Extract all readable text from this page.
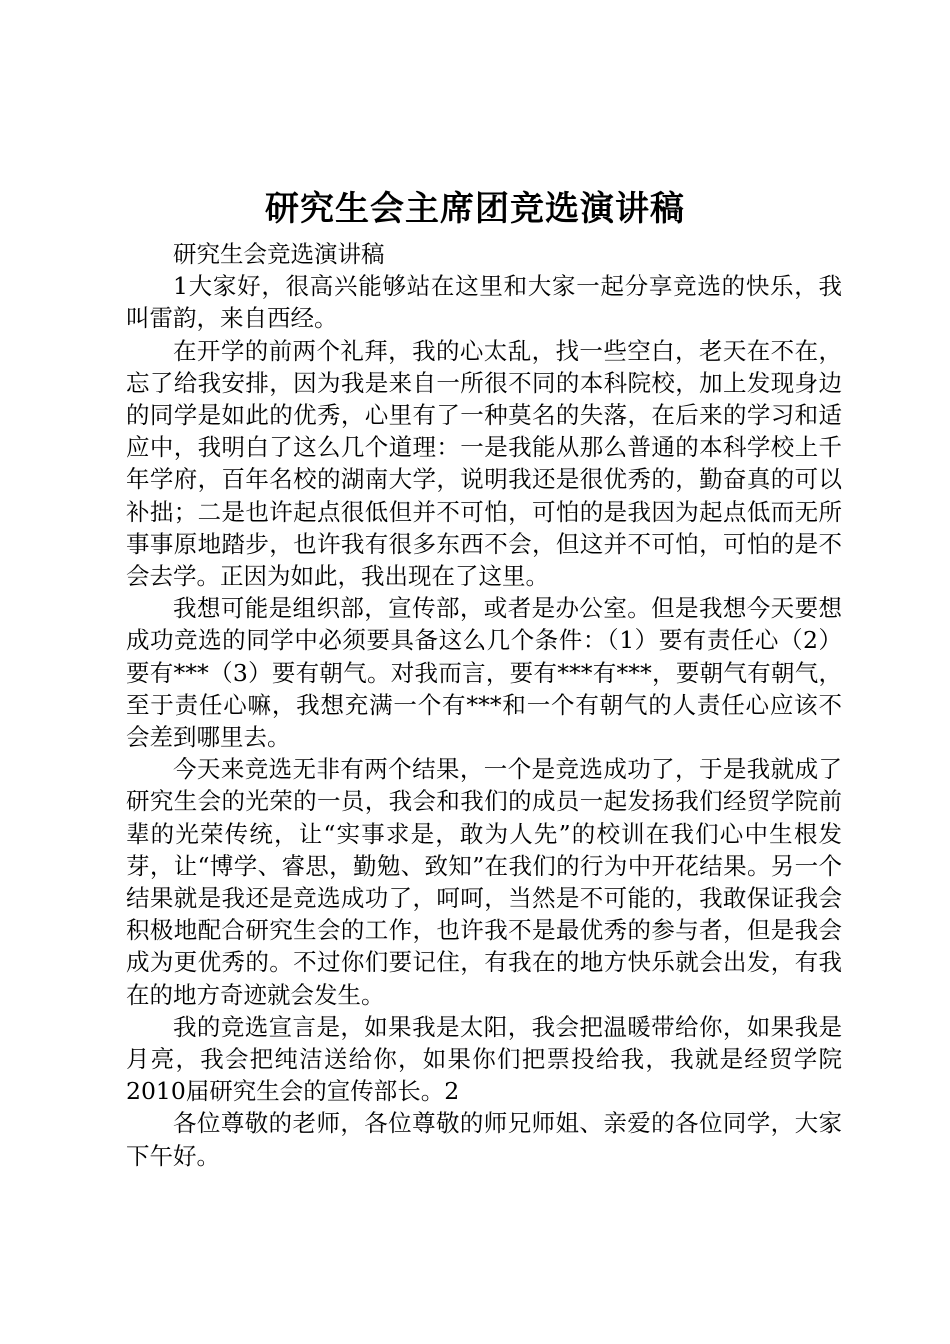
研究生会主席团竞选演讲稿

研究生会竞选演讲稿

1大家好，很高兴能够站在这里和大家一起分享竞选的快乐，我叫雷韵，来自西经。

在开学的前两个礼拜，我的心太乱，找一些空白，老天在不在，忘了给我安排，因为我是来自一所很不同的本科院校，加上发现身边的同学是如此的优秀，心里有了一种莫名的失落，在后来的学习和适应中，我明白了这么几个道理：一是我能从那么普通的本科学校上千年学府，百年名校的湖南大学，说明我还是很优秀的，勤奋真的可以补拙；二是也许起点很低但并不可怕，可怕的是我因为起点低而无所事事原地踏步，也许我有很多东西不会，但这并不可怕，可怕的是不会去学。正因为如此，我出现在了这里。

我想可能是组织部，宣传部，或者是办公室。但是我想今天要想成功竞选的同学中必须要具备这么几个条件：（1）要有责任心（2）要有***（3）要有朝气。对我而言，要有***有***，要朝气有朝气，至于责任心嘛，我想充满一个有***和一个有朝气的人责任心应该不会差到哪里去。

今天来竞选无非有两个结果，一个是竞选成功了，于是我就成了研究生会的光荣的一员，我会和我们的成员一起发扬我们经贸学院前辈的光荣传统，让“实事求是，敢为人先”的校训在我们心中生根发芽，让“博学、睿思，勤勉、致知”在我们的行为中开花结果。另一个结果就是我还是竞选成功了，呵呵，当然是不可能的，我敢保证我会积极地配合研究生会的工作，也许我不是最优秀的参与者，但是我会成为更优秀的。不过你们要记住，有我在的地方快乐就会出发，有我在的地方奇迹就会发生。

我的竞选宣言是，如果我是太阳，我会把温暖带给你，如果我是月亮，我会把纯洁送给你，如果你们把票投给我，我就是经贸学院2010届研究生会的宣传部长。2

各位尊敬的老师，各位尊敬的师兄师姐、亲爱的各位同学，大家下午好。
